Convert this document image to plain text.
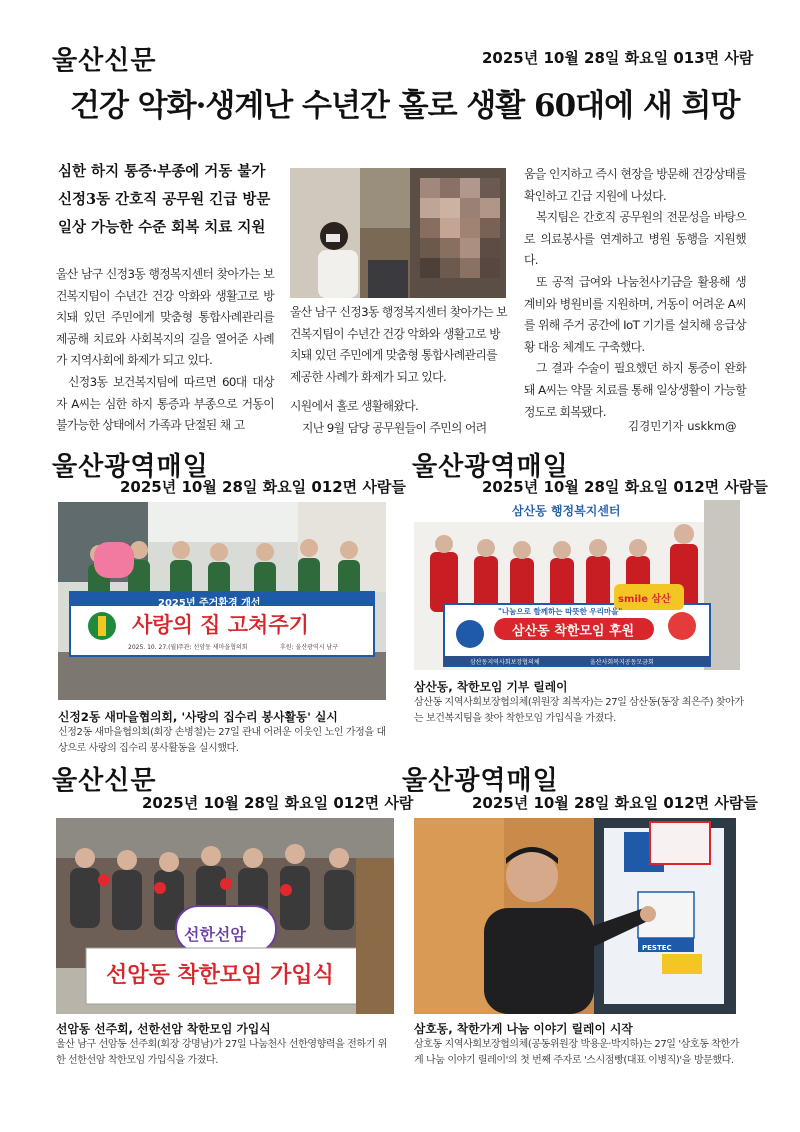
울산신문	2025년 10월 28일 화요일 013면 사람
건강 악화·생계난 수년간 홀로 생활 60대에 새 희망
심한 하지 통증·부종에 거동 불가
신정3동 간호직 공무원 긴급 방문
일상 가능한 수준 회복 치료 지원

울산 남구 신정3동 행정복지센터 찾아가는 보건복지팀이 수년간 건강 악화와 생활고로 방치돼 있던 주민에게 맞춤형 통합사례관리를 제공해 치료와 사회복지의 길을 열어준 사례가 지역사회에 화제가 되고 있다.

신정3동 보건복지팀에 따르면 60대 대상자 A씨는 심한 하지 통증과 부종으로 거동이 불가능한 상태에서 가족과 단절된 채 고

울산 남구 신정3동 행정복지센터 찾아가는 보건복지팀이 수년간 건강 악화와 생활고로 방치돼 있던 주민에게 맞춤형 통합사례관리를 제공한 사례가 화제가 되고 있다.

시원에서 홀로 생활해왔다.

지난 9월 담당 공무원들이 주민의 어려

움을 인지하고 즉시 현장을 방문해 건강상태를 확인하고 긴급 지원에 나섰다.

복지팀은 간호직 공무원의 전문성을 바탕으로 의료봉사를 연계하고 병원 동행을 지원했다.

또 공적 급여와 나눔천사기금을 활용해 생계비와 병원비를 지원하며, 거동이 어려운 A씨를 위해 주거 공간에 IoT 기기를 설치해 응급상황 대응 체계도 구축했다.

그 결과 수술이 필요했던 하지 통증이 완화돼 A씨는 약물 치료를 통해 일상생활이 가능할 정도로 회복됐다.

김경민기자 uskkm@
울산광역매일
2025년 10월 28일 화요일 012면 사람들
2025년 주거환경 개선
사랑의 집 고쳐주기
2025. 10. 27.(월) 주관: 선암동 새마을협의회	후원: 울산광역시 남구
신정2동 새마을협의회, '사랑의 집수리 봉사활동' 실시
신정2동 새마을협의회(회장 손병철)는 27일 관내 어려운 이웃인 노인 가정을 대상으로 사랑의 집수리 봉사활동을 실시했다.
울산광역매일
2025년 10월 28일 화요일 012면 사람들
삼산동 행정복지센터
"나눔으로 함께하는 따뜻한 우리마을"
삼산동 착한모임 후원
삼산동지역사회보장협의체	울산사회복지공동모금회
smile 삼산
삼산동, 착한모임 기부 릴레이
삼산동 지역사회보장협의체(위원장 최복자)는 27일 삼산동(동장 최은주) 찾아가는 보건복지팀을 찾아 착한모임 가입식을 가졌다.
울산신문
2025년 10월 28일 화요일 012면 사람
선한선암
선암동 착한모임 가입식
선암동 선주회, 선한선암 착한모임 가입식
울산 남구 선암동 선주회(회장 강명남)가 27일 나눔천사 선한영향력을 전하기 위한 선한선암 착한모임 가입식을 가졌다.
울산광역매일
2025년 10월 28일 화요일 012면 사람들
PESTEC
삼호동, 착한가게 나눔 이야기 릴레이 시작
삼호동 지역사회보장협의체(공동위원장 박용운·박지하)는 27일 '삼호동 착한가게 나눔 이야기 릴레이'의 첫 번째 주자로 '스시점빵(대표 이병직)'을 방문했다.
